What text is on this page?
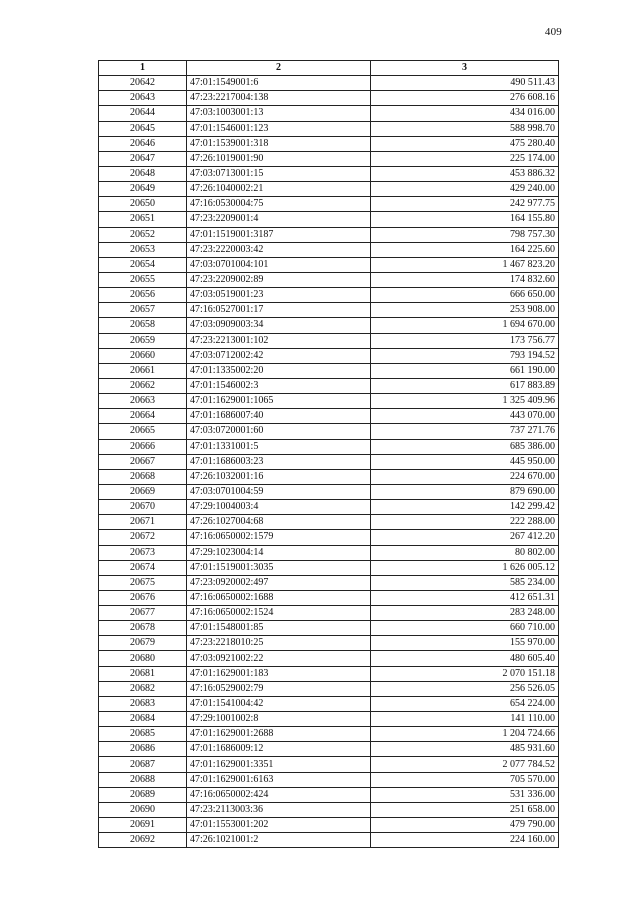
409
1	2	3
20642	47:01:1549001:6	490 511.43
20643	47:23:2217004:138	276 608.16
20644	47:03:1003001:13	434 016.00
20645	47:01:1546001:123	588 998.70
20646	47:01:1539001:318	475 280.40
20647	47:26:1019001:90	225 174.00
20648	47:03:0713001:15	453 886.32
20649	47:26:1040002:21	429 240.00
20650	47:16:0530004:75	242 977.75
20651	47:23:2209001:4	164 155.80
20652	47:01:1519001:3187	798 757.30
20653	47:23:2220003:42	164 225.60
20654	47:03:0701004:101	1 467 823.20
20655	47:23:2209002:89	174 832.60
20656	47:03:0519001:23	666 650.00
20657	47:16:0527001:17	253 908.00
20658	47:03:0909003:34	1 694 670.00
20659	47:23:2213001:102	173 756.77
20660	47:03:0712002:42	793 194.52
20661	47:01:1335002:20	661 190.00
20662	47:01:1546002:3	617 883.89
20663	47:01:1629001:1065	1 325 409.96
20664	47:01:1686007:40	443 070.00
20665	47:03:0720001:60	737 271.76
20666	47:01:1331001:5	685 386.00
20667	47:01:1686003:23	445 950.00
20668	47:26:1032001:16	224 670.00
20669	47:03:0701004:59	879 690.00
20670	47:29:1004003:4	142 299.42
20671	47:26:1027004:68	222 288.00
20672	47:16:0650002:1579	267 412.20
20673	47:29:1023004:14	80 802.00
20674	47:01:1519001:3035	1 626 005.12
20675	47:23:0920002:497	585 234.00
20676	47:16:0650002:1688	412 651.31
20677	47:16:0650002:1524	283 248.00
20678	47:01:1548001:85	660 710.00
20679	47:23:2218010:25	155 970.00
20680	47:03:0921002:22	480 605.40
20681	47:01:1629001:183	2 070 151.18
20682	47:16:0529002:79	256 526.05
20683	47:01:1541004:42	654 224.00
20684	47:29:1001002:8	141 110.00
20685	47:01:1629001:2688	1 204 724.66
20686	47:01:1686009:12	485 931.60
20687	47:01:1629001:3351	2 077 784.52
20688	47:01:1629001:6163	705 570.00
20689	47:16:0650002:424	531 336.00
20690	47:23:2113003:36	251 658.00
20691	47:01:1553001:202	479 790.00
20692	47:26:1021001:2	224 160.00
